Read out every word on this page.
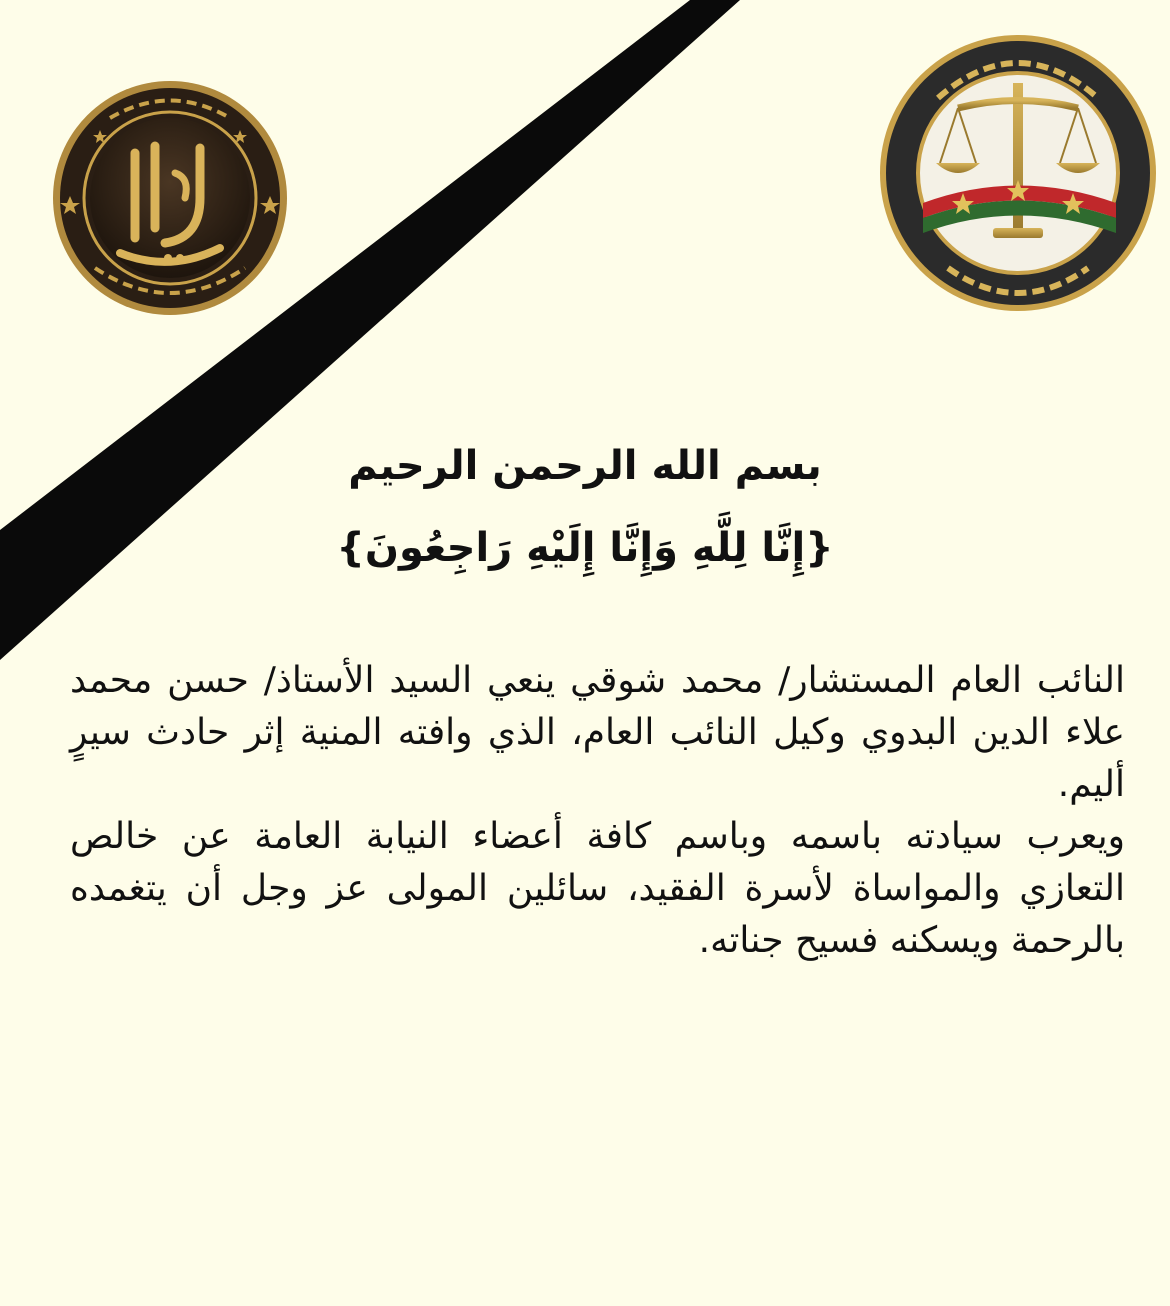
بسم الله الرحمن الرحيم
{إِنَّا لِلَّهِ وَإِنَّا إِلَيْهِ رَاجِعُونَ}

النائب العام المستشار/ محمد شوقي ينعي السيد الأستاذ/ حسن محمد علاء الدين البدوي وكيل النائب العام، الذي وافته المنية إثر حادث سيرٍ أليم.

ويعرب سيادته باسمه وباسم كافة أعضاء النيابة العامة عن خالص التعازي والمواساة لأسرة الفقيد، سائلين المولى عز وجل أن يتغمده بالرحمة ويسكنه فسيح جناته.
